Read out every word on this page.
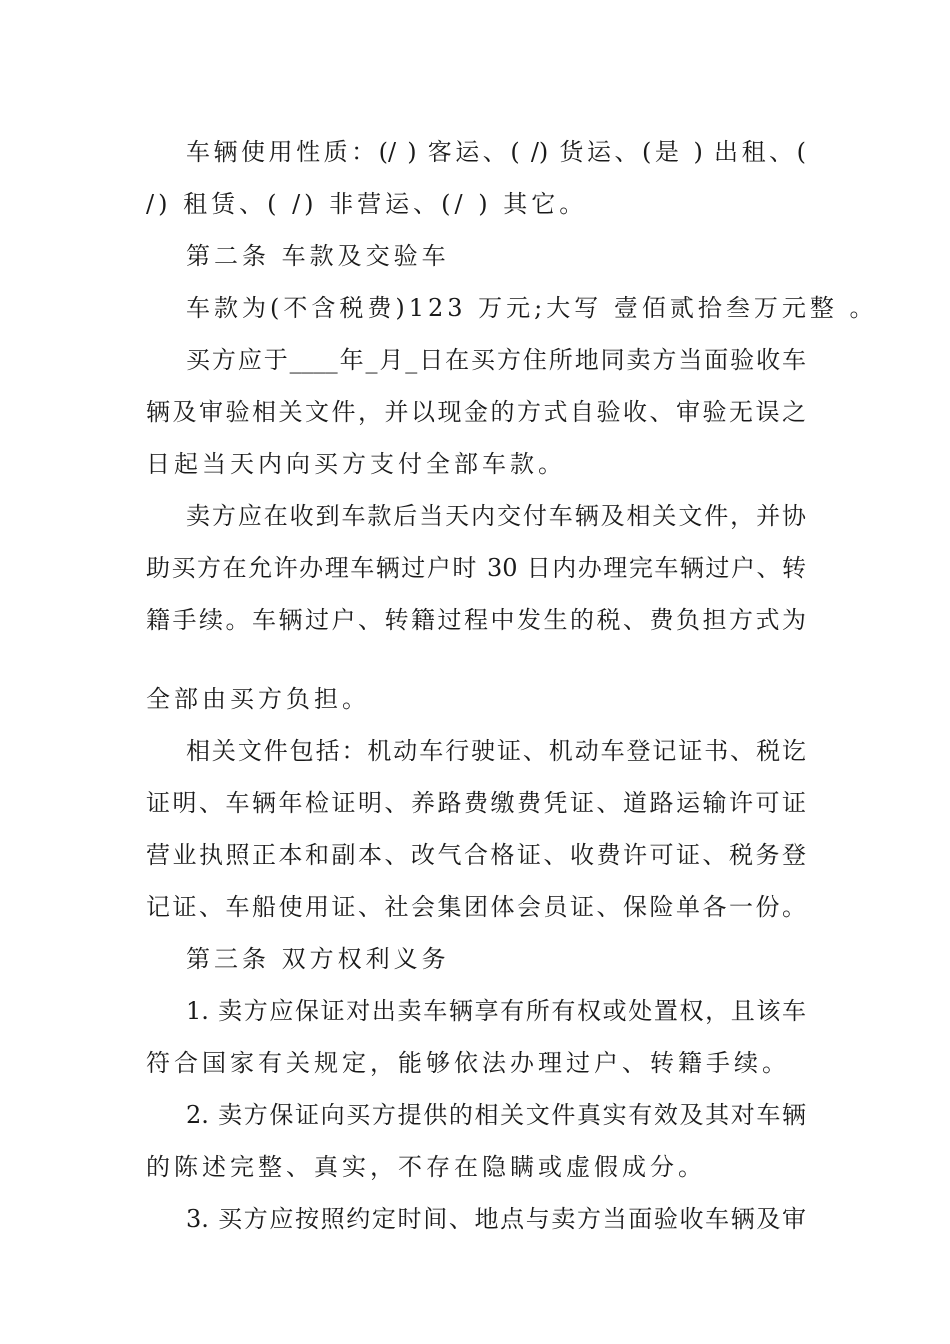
车辆使用性质：(/ ) 客运、( /) 货运、(是 ) 出租、(
/) 租赁、( /) 非营运、(/ ) 其它。
第二条 车款及交验车
车款为(不含税费)123 万元;大写 壹佰贰拾叁万元整 。
买方应于____年_月_日在买方住所地同卖方当面验收车
辆及审验相关文件，并以现金的方式自验收、审验无误之
日起当天内向买方支付全部车款。
卖方应在收到车款后当天内交付车辆及相关文件，并协
助买方在允许办理车辆过户时 30 日内办理完车辆过户、转
籍手续。车辆过户、转籍过程中发生的税、费负担方式为
全部由买方负担。
相关文件包括：机动车行驶证、机动车登记证书、税讫
证明、车辆年检证明、养路费缴费凭证、道路运输许可证
营业执照正本和副本、改气合格证、收费许可证、税务登
记证、车船使用证、社会集团体会员证、保险单各一份。
第三条 双方权利义务
1. 卖方应保证对出卖车辆享有所有权或处置权，且该车
符合国家有关规定，能够依法办理过户、转籍手续。
2. 卖方保证向买方提供的相关文件真实有效及其对车辆
的陈述完整、真实，不存在隐瞒或虚假成分。
3. 买方应按照约定时间、地点与卖方当面验收车辆及审
